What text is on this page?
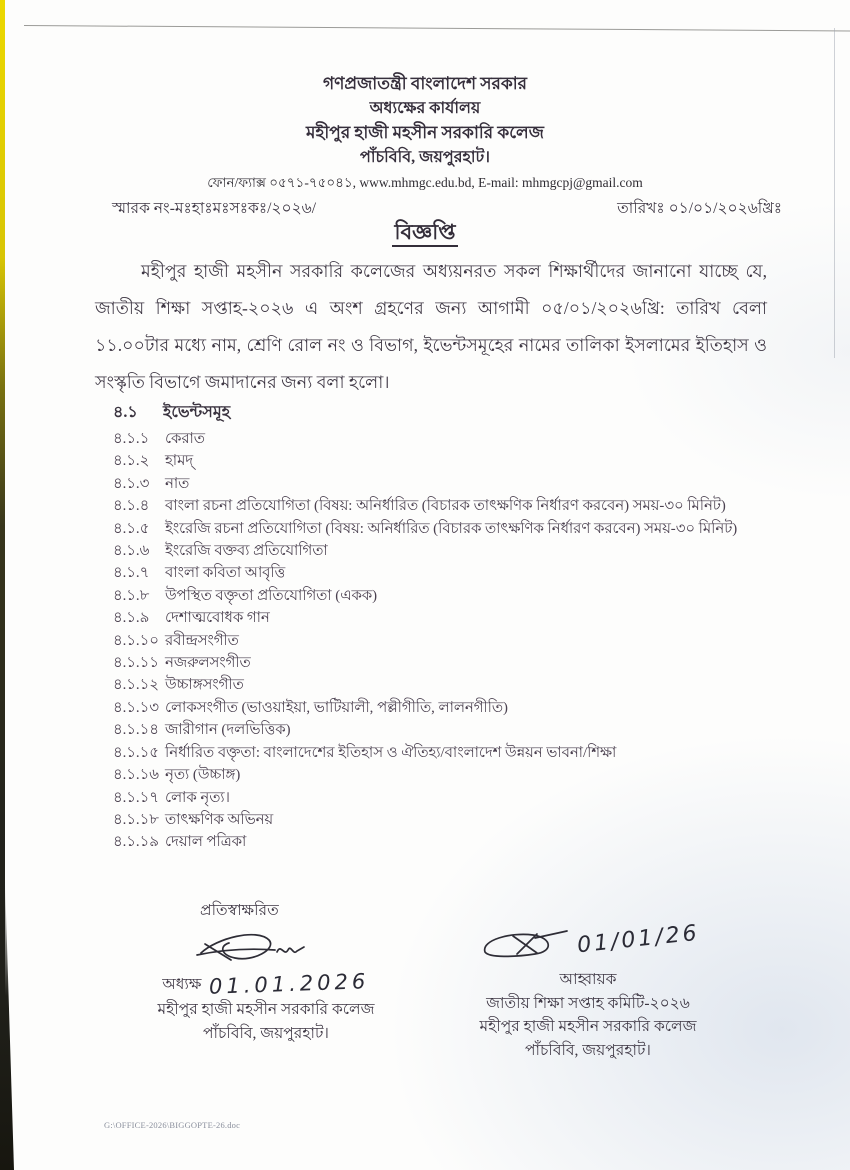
গণপ্রজাতন্ত্রী বাংলাদেশ সরকার
অধ্যক্ষের কার্যালয়
মহীপুর হাজী মহসীন সরকারি কলেজ
পাঁচবিবি, জয়পুরহাট।
ফোন/ফ্যাক্স ০৫৭১-৭৫০৪১, www.mhmgc.edu.bd, E-mail: mhmgcpj@gmail.com
স্মারক নং-মঃহাঃমঃসঃকঃ/২০২৬/	তারিখঃ ০১/০১/২০২৬খ্রিঃ
বিজ্ঞপ্তি
মহীপুর হাজী মহসীন সরকারি কলেজের অধ্যয়নরত সকল শিক্ষার্থীদের জানানো যাচ্ছে যে, জাতীয় শিক্ষা সপ্তাহ-২০২৬ এ অংশ গ্রহণের জন্য আগামী ০৫/০১/২০২৬খ্রি: তারিখ বেলা ১১.০০টার মধ্যে নাম, শ্রেণি রোল নং ও বিভাগ, ইভেন্টসমূহের নামের তালিকা ইসলামের ইতিহাস ও সংস্কৃতি বিভাগে জমাদানের জন্য বলা হলো।
৪.১ ইভেন্টসমূহ
৪.১.১	কেরাত
৪.১.২	হামদ্
৪.১.৩	নাত
৪.১.৪	বাংলা রচনা প্রতিযোগিতা (বিষয়: অনির্ধারিত (বিচারক তাৎক্ষণিক নির্ধারণ করবেন) সময়-৩০ মিনিট)
৪.১.৫	ইংরেজি রচনা প্রতিযোগিতা (বিষয়: অনির্ধারিত (বিচারক তাৎক্ষণিক নির্ধারণ করবেন) সময়-৩০ মিনিট)
৪.১.৬	ইংরেজি বক্তব্য প্রতিযোগিতা
৪.১.৭	বাংলা কবিতা আবৃত্তি
৪.১.৮	উপস্থিত বক্তৃতা প্রতিযোগিতা (একক)
৪.১.৯	দেশাত্মবোধক গান
৪.১.১০ রবীন্দ্রসংগীত
৪.১.১১ নজরুলসংগীত
৪.১.১২ উচ্চাঙ্গসংগীত
৪.১.১৩ লোকসংগীত (ভাওয়াইয়া, ভাটিয়ালী, পল্লীগীতি, লালনগীতি)
৪.১.১৪ জারীগান (দলভিত্তিক)
৪.১.১৫ নির্ধারিত বক্তৃতা: বাংলাদেশের ইতিহাস ও ঐতিহ্য/বাংলাদেশ উন্নয়ন ভাবনা/শিক্ষা
৪.১.১৬ নৃত্য (উচ্চাঙ্গ)
৪.১.১৭ লোক নৃত্য।
৪.১.১৮ তাৎক্ষণিক অভিনয়
৪.১.১৯ দেয়াল পত্রিকা
প্রতিস্বাক্ষরিত
অধ্যক্ষ 01.01.2026
মহীপুর হাজী মহসীন সরকারি কলেজ
পাঁচবিবি, জয়পুরহাট।
01/01/26
আহ্বায়ক
জাতীয় শিক্ষা সপ্তাহ কমিটি-২০২৬
মহীপুর হাজী মহসীন সরকারি কলেজ
পাঁচবিবি, জয়পুরহাট।
G:\OFFICE-2026\BIGGOPTE-26.doc
